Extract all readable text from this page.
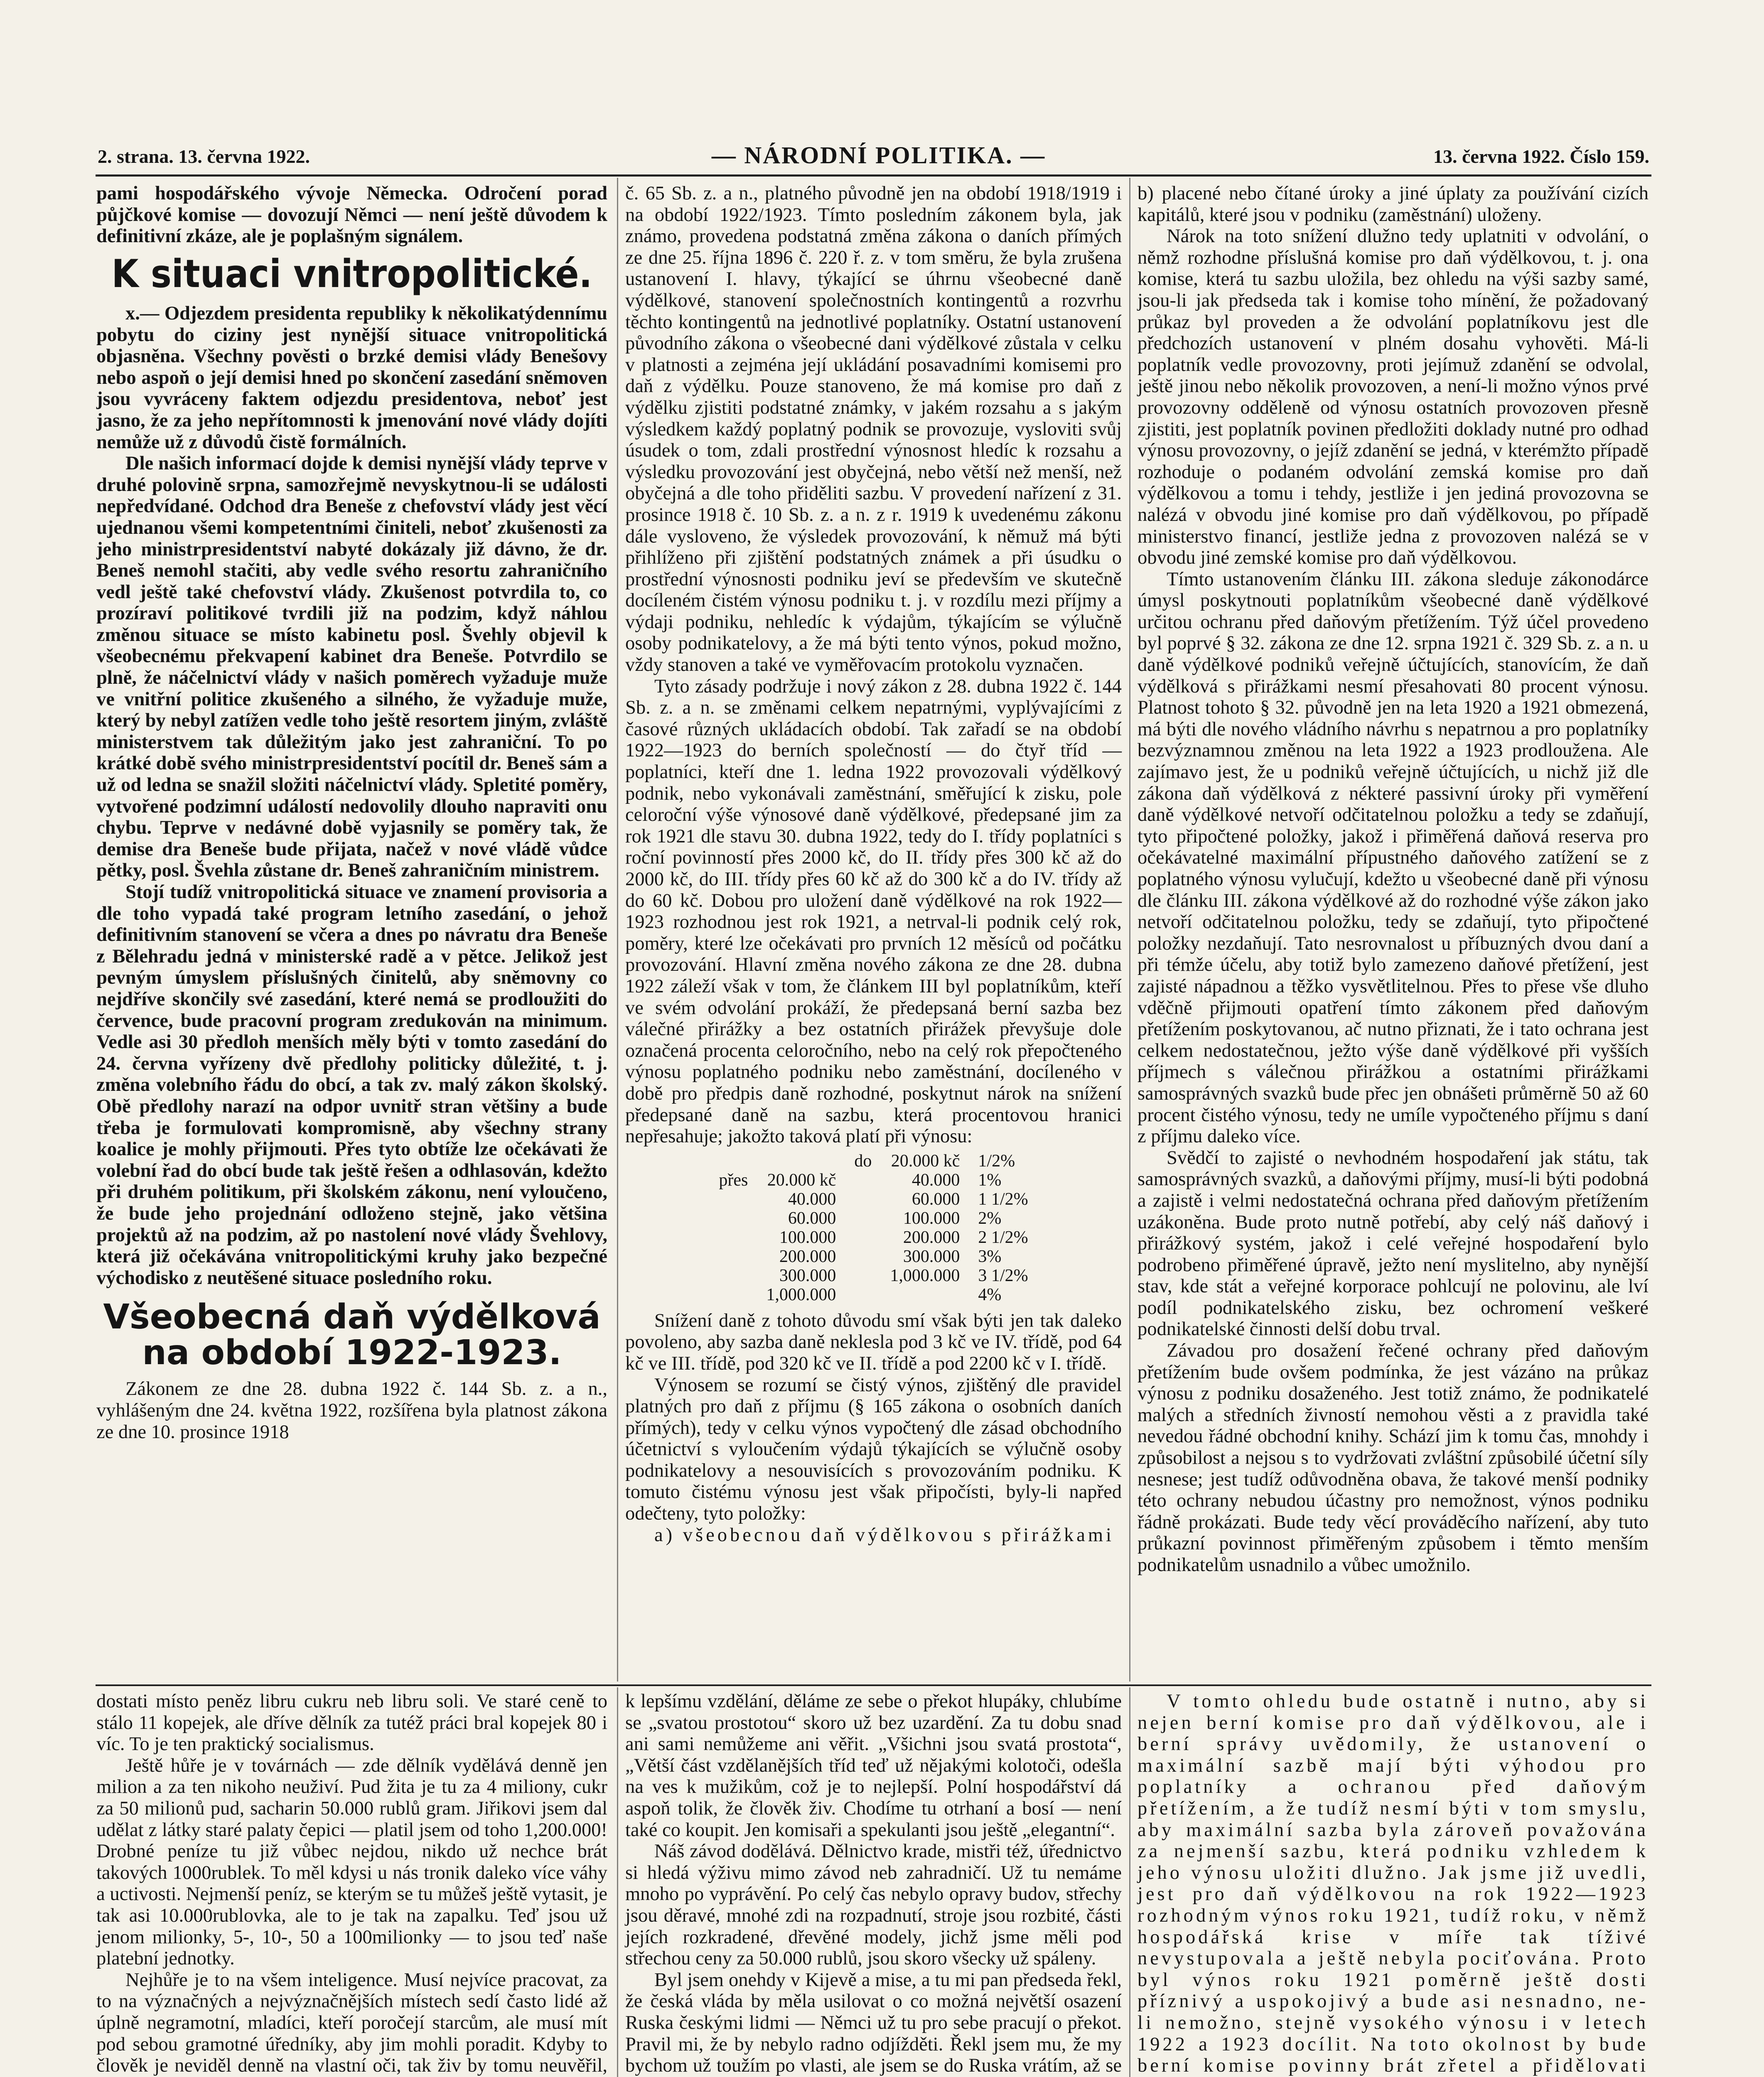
2. strana. 13. června 1922.	— NÁRODNÍ POLITIKA. —	13. června 1922. Číslo 159.

pami hospodářského vývoje Německa. Odročení porad půjčkové komise — dovozují Němci — není ještě důvodem k definitivní zkáze, ale je poplašným signálem.

K situaci vnitropolitické.

x.— Odjezdem presidenta republiky k několikatýdennímu pobytu do ciziny jest nynější situace vnitropolitická objasněna. Všechny pověsti o brzké demisi vlády Benešovy nebo aspoň o její demisi hned po skončení zasedání sněmoven jsou vyvráceny faktem odjezdu presidentova, neboť jest jasno, že za jeho nepřítomnosti k jmenování nové vlády dojíti nemůže už z důvodů čistě formálních.

Dle našich informací dojde k demisi nynější vlády teprve v druhé polovině srpna, samozřejmě nevyskytnou-li se události nepředvídané. Odchod dra Beneše z chefovství vlády jest věcí ujednanou všemi kompetentními činiteli, neboť zkušenosti za jeho ministrpresidentství nabyté dokázaly již dávno, že dr. Beneš nemohl stačiti, aby vedle svého resortu zahraničního vedl ještě také chefovství vlády. Zkušenost potvrdila to, co prozíraví politikové tvrdili již na podzim, když náhlou změnou situace se místo kabinetu posl. Švehly objevil k všeobecnému překvapení kabinet dra Beneše. Potvrdilo se plně, že náčelnictví vlády v našich poměrech vyžaduje muže ve vnitřní politice zkušeného a silného, že vyžaduje muže, který by nebyl zatížen vedle toho ještě resortem jiným, zvláště ministerstvem tak důležitým jako jest zahraniční. To po krátké době svého ministrpresidentství pocítil dr. Beneš sám a už od ledna se snažil složiti náčelnictví vlády. Spletité poměry, vytvořené podzimní událostí nedovolily dlouho napraviti onu chybu. Teprve v nedávné době vyjasnily se poměry tak, že demise dra Beneše bude přijata, načež v nové vládě vůdce pětky, posl. Švehla zůstane dr. Beneš zahraničním ministrem.

Stojí tudíž vnitropolitická situace ve znamení provisoria a dle toho vypadá také program letního zasedání, o jehož definitivním stanovení se včera a dnes po návratu dra Beneše z Bělehradu jedná v ministerské radě a v pětce. Jelikož jest pevným úmyslem příslušných činitelů, aby sněmovny co nejdříve skončily své zasedání, které nemá se prodloužiti do července, bude pracovní program zredukován na minimum. Vedle asi 30 předloh menších měly býti v tomto zasedání do 24. června vyřízeny dvě předlohy politicky důležité, t. j. změna volebního řádu do obcí, a tak zv. malý zákon školský. Obě předlohy narazí na odpor uvnitř stran většiny a bude třeba je formulovati kompromisně, aby všechny strany koalice je mohly přijmouti. Přes tyto obtíže lze očekávati že volební řad do obcí bude tak ještě řešen a odhlasován, kdežto při druhém politikum, při školském zákonu, není vyloučeno, že bude jeho projednání odloženo stejně, jako většina projektů až na podzim, až po nastolení nové vlády Švehlovy, která již očekávána vnitropolitickými kruhy jako bezpečné východisko z neutěšené situace posledního roku.

Všeobecná daň výdělková na období 1922-1923.

Zákonem ze dne 28. dubna 1922 č. 144 Sb. z. a n., vyhlášeným dne 24. května 1922, rozšířena byla platnost zákona ze dne 10. prosince 1918

č. 65 Sb. z. a n., platného původně jen na období 1918/1919 i na období 1922/1923. Tímto posledním zákonem byla, jak známo, provedena podstatná změna zákona o daních přímých ze dne 25. října 1896 č. 220 ř. z. v tom směru, že byla zrušena ustanovení I. hlavy, týkající se úhrnu všeobecné daně výdělkové, stanovení společnostních kontingentů a rozvrhu těchto kontingentů na jednotlivé poplatníky. Ostatní ustanovení původního zákona o všeobecné dani výdělkové zůstala v celku v platnosti a zejména její ukládání posavadními komisemi pro daň z výdělku. Pouze stanoveno, že má komise pro daň z výdělku zjistiti podstatné známky, v jakém rozsahu a s jakým výsledkem každý poplatný podnik se provozuje, vysloviti svůj úsudek o tom, zdali prostřední výnosnost hledíc k rozsahu a výsledku provozování jest obyčejná, nebo větší než menší, než obyčejná a dle toho přiděliti sazbu. V provedení nařízení z 31. prosince 1918 č. 10 Sb. z. a n. z r. 1919 k uvedenému zákonu dále vysloveno, že výsledek provozování, k němuž má býti přihlíženo při zjištění podstatných známek a při úsudku o prostřední výnosnosti podniku jeví se především ve skutečně docíleném čistém výnosu podniku t. j. v rozdílu mezi příjmy a výdaji podniku, nehledíc k výdajům, týkajícím se výlučně osoby podnikatelovy, a že má býti tento výnos, pokud možno, vždy stanoven a také ve vyměřovacím protokolu vyznačen.

Tyto zásady podržuje i nový zákon z 28. dubna 1922 č. 144 Sb. z. a n. se změnami celkem nepatrnými, vyplývajícími z časové různých ukládacích období. Tak zařadí se na období 1922—1923 do berních společností — do čtyř tříd — poplatníci, kteří dne 1. ledna 1922 provozovali výdělkový podnik, nebo vykonávali zaměstnání, směřující k zisku, pole celoroční výše výnosové daně výdělkové, předepsané jim za rok 1921 dle stavu 30. dubna 1922, tedy do I. třídy poplatníci s roční povinností přes 2000 kč, do II. třídy přes 300 kč až do 2000 kč, do III. třídy přes 60 kč až do 300 kč a do IV. třídy až do 60 kč. Dobou pro uložení daně výdělkové na rok 1922—1923 rozhodnou jest rok 1921, a netrval-li podnik celý rok, poměry, které lze očekávati pro prvních 12 měsíců od počátku provozování. Hlavní změna nového zákona ze dne 28. dubna 1922 záleží však v tom, že článkem III byl poplatníkům, kteří ve svém odvolání prokáží, že předepsaná berní sazba bez válečné přirážky a bez ostatních přirážek převyšuje dole označená procenta celoročního, nebo na celý rok přepočteného výnosu poplatného podniku nebo zaměstnání, docíleného v době pro předpis daně rozhodné, poskytnut nárok na snížení předepsané daně na sazbu, která procentovou hranici nepřesahuje; jakožto taková platí při výnosu:

		do	20.000 kč	1/2%
přes	20.000 kč		40.000	1%
	40.000		60.000	1 1/2%
	60.000		100.000	2%
	100.000		200.000	2 1/2%
	200.000		300.000	3%
	300.000		1,000.000	3 1/2%
	1,000.000			4%

Snížení daně z tohoto důvodu smí však býti jen tak daleko povoleno, aby sazba daně neklesla pod 3 kč ve IV. třídě, pod 64 kč ve III. třídě, pod 320 kč ve II. třídě a pod 2200 kč v I. třídě.

Výnosem se rozumí se čistý výnos, zjištěný dle pravidel platných pro daň z příjmu (§ 165 zákona o osobních daních přímých), tedy v celku výnos vypočtený dle zásad obchodního účetnictví s vyloučením výdajů týkajících se výlučně osoby podnikatelovy a nesouvisících s provozováním podniku. K tomuto čistému výnosu jest však připočísti, byly-li napřed odečteny, tyto položky:

a) všeobecnou daň výdělkovou s přirážkami

b) placené nebo čítané úroky a jiné úplaty za používání cizích kapitálů, které jsou v podniku (zaměstnání) uloženy.

Nárok na toto snížení dlužno tedy uplatniti v odvolání, o němž rozhodne příslušná komise pro daň výdělkovou, t. j. ona komise, která tu sazbu uložila, bez ohledu na výši sazby samé, jsou-li jak předseda tak i komise toho mínění, že požadovaný průkaz byl proveden a že odvolání poplatníkovu jest dle předchozích ustanovení v plném dosahu vyhověti. Má-li poplatník vedle provozovny, proti jejímuž zdanění se odvolal, ještě jinou nebo několik provozoven, a není-li možno výnos prvé provozovny odděleně od výnosu ostatních provozoven přesně zjistiti, jest poplatník povinen předložiti doklady nutné pro odhad výnosu provozovny, o jejíž zdanění se jedná, v kterémžto případě rozhoduje o podaném odvolání zemská komise pro daň výdělkovou a tomu i tehdy, jestliže i jen jediná provozovna se nalézá v obvodu jiné komise pro daň výdělkovou, po případě ministerstvo financí, jestliže jedna z provozoven nalézá se v obvodu jiné zemské komise pro daň výdělkovou.

Tímto ustanovením článku III. zákona sleduje zákonodárce úmysl poskytnouti poplatníkům všeobecné daně výdělkové určitou ochranu před daňovým přetížením. Týž účel provedeno byl poprvé § 32. zákona ze dne 12. srpna 1921 č. 329 Sb. z. a n. u daně výdělkové podniků veřejně účtujících, stanovícím, že daň výdělková s přirážkami nesmí přesahovati 80 procent výnosu. Platnost tohoto § 32. původně jen na leta 1920 a 1921 obmezená, má býti dle nového vládního návrhu s nepatrnou a pro poplatníky bezvýznamnou změnou na leta 1922 a 1923 prodloužena. Ale zajímavo jest, že u podniků veřejně účtujících, u nichž již dle zákona daň výdělková z nékteré passivní úroky při vyměření daně výdělkové netvoří odčitatelnou položku a tedy se zdaňují, tyto připočtené položky, jakož i přiměřená daňová reserva pro očekávatelné maximální přípustného daňového zatížení se z poplatného výnosu vylučují, kdežto u všeobecné daně při výnosu dle článku III. zákona výdělkové až do rozhodné výše zákon jako netvoří odčitatelnou položku, tedy se zdaňují, tyto připočtené položky nezdaňují. Tato nesrovnalost u příbuzných dvou daní a při témže účelu, aby totiž bylo zamezeno daňové přetížení, jest zajisté nápadnou a těžko vysvětlitelnou. Přes to přese vše dluho vděčně přijmouti opatření tímto zákonem před daňovým přetížením poskytovanou, ač nutno přiznati, že i tato ochrana jest celkem nedostatečnou, ježto výše daně výdělkové při vyšších příjmech s válečnou přirážkou a ostatními přirážkami samosprávných svazků bude přec jen obnášeti průměrně 50 až 60 procent čistého výnosu, tedy ne umíle vypočteného příjmu s daní z příjmu daleko více.

Svědčí to zajisté o nevhodném hospodaření jak státu, tak samosprávných svazků, a daňovými příjmy, musí-li býti podobná a zajistě i velmi nedostatečná ochrana před daňovým přetížením uzákoněna. Bude proto nutně potřebí, aby celý náš daňový i přirážkový systém, jakož i celé veřejné hospodaření bylo podrobeno přiměřené úpravě, ježto není myslitelno, aby nynější stav, kde stát a veřejné korporace pohlcují ne polovinu, ale lví podíl podnikatelského zisku, bez ochromení veškeré podnikatelské činnosti delší dobu trval.

Závadou pro dosažení řečené ochrany před daňovým přetížením bude ovšem podmínka, že jest vázáno na průkaz výnosu z podniku dosaženého. Jest totiž známo, že podnikatelé malých a středních živností nemohou věsti a z pravidla také nevedou řádné obchodní knihy. Schází jim k tomu čas, mnohdy i způsobilost a nejsou s to vydržovati zvláštní způsobilé účetní síly nesnese; jest tudíž odůvodněna obava, že takové menší podniky této ochrany nebudou účastny pro nemožnost, výnos podniku řádně prokázati. Bude tedy věcí prováděcího nařízení, aby tuto průkazní povinnost přiměřeným způsobem i těmto menším podnikatelům usnadnilo a vůbec umožnilo.

dostati místo peněz libru cukru neb libru soli. Ve staré ceně to stálo 11 kopejek, ale dříve dělník za tutéž práci bral kopejek 80 i víc. To je ten praktický socialismus.

Ještě hůře je v továrnách — zde dělník vydělává denně jen milion a za ten nikoho neuživí. Pud žita je tu za 4 miliony, cukr za 50 milionů pud, sacharin 50.000 rublů gram. Jiřikovi jsem dal udělat z látky staré palaty čepici — platil jsem od toho 1,200.000! Drobné peníze tu již vůbec nejdou, nikdo už nechce brát takových 1000rublek. To měl kdysi u nás tronik daleko více váhy a uctivosti. Nejmenší peníz, se kterým se tu můžeš ještě vytasit, je tak asi 10.000rublovka, ale to je tak na zapalku. Teď jsou už jenom milionky, 5-, 10-, 50 a 100milionky — to jsou teď naše platební jednotky.

Nejhůře je to na všem inteligence. Musí nejvíce pracovat, za to na význačných a nejvýznačnějších místech sedí často lidé až úplně negramotní, mladíci, kteří poročejí starcům, ale musí mít pod sebou gramotné úředníky, aby jim mohli poradit. Kdyby to člověk je neviděl denně na vlastní oči, tak živ by tomu neuvěřil,

k lepšímu vzdělání, děláme ze sebe o překot hlupáky, chlubíme se „svatou prostotou“ skoro už bez uzardění. Za tu dobu snad ani sami nemůžeme ani věřit. „Všichni jsou svatá prostota“, „Větší část vzdělanějších tříd teď už nějakými kolotoči, odešla na ves k mužikům, což je to nejlepší. Polní hospodářství dá aspoň tolik, že člověk živ. Chodíme tu otrhaní a bosí — není také co koupit. Jen komisaři a spekulanti jsou ještě „elegantní“.

Náš závod dodělává. Dělnictvo krade, mistři též, úřednictvo si hledá výživu mimo závod neb zahradničí. Už tu nemáme mnoho po vyprávění. Po celý čas nebylo opravy budov, střechy jsou děravé, mnohé zdi na rozpadnutí, stroje jsou rozbité, části jejích rozkradené, dřevěné modely, jichž jsme měli pod střechou ceny za 50.000 rublů, jsou skoro všecky už spáleny.

Byl jsem onehdy v Kijevě a mise, a tu mi pan předseda řekl, že česká vláda by měla usilovat o co možná největší osazení Ruska českými lidmi — Němci už tu pro sebe pracují o překot. Pravil mi, že by nebylo radno odjížděti. Řekl jsem mu, že my bychom už toužím po vlasti, ale jsem se do Ruska vrátím, až se

V tomto ohledu bude ostatně i nutno, aby si nejen berní komise pro daň výdělkovou, ale i berní správy uvědomily, že ustanovení o maximální sazbě mají býti výhodou pro poplatníky a ochranou před daňovým přetížením, a že tudíž nesmí býti v tom smyslu, aby maximální sazba byla zároveň považována za nejmenší sazbu, která podniku vzhledem k jeho výnosu uložiti dlužno. Jak jsme již uvedli, jest pro daň výdělkovou na rok 1922—1923 rozhodným výnos roku 1921, tudíž roku, v němž hospodářská krise v míře tak tíživé nevystupovala a ještě nebyla pociťována. Proto byl výnos roku 1921 poměrně ještě dosti příznivý a uspokojivý a bude asi nesnadno, ne-li nemožno, stejně vysokého výnosu i v letech 1922 a 1923 docílit. Na toto okolnost by bude berní komise povinny brát zřetel a přidělovati
